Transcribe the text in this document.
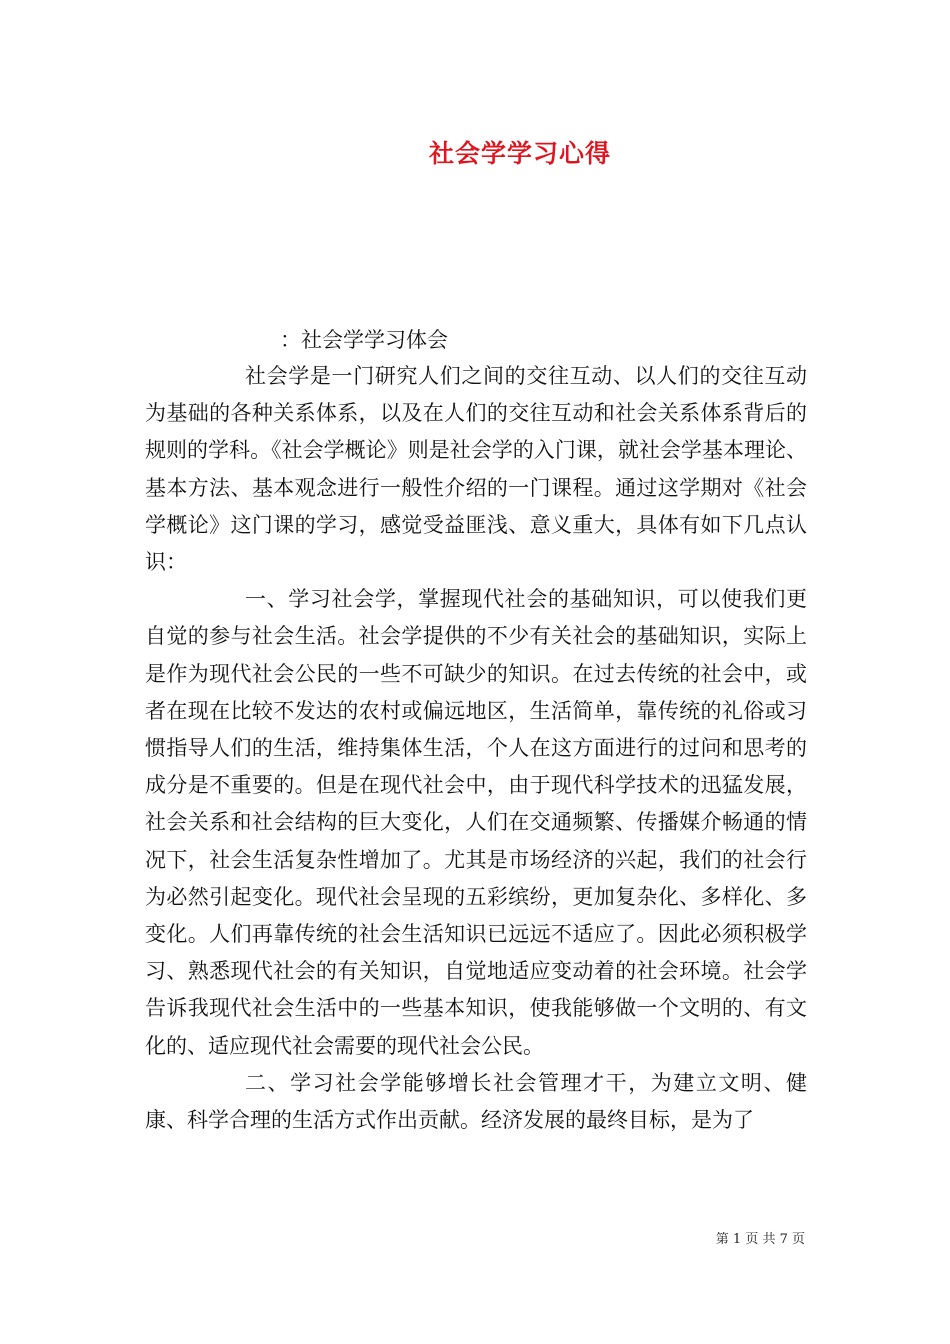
社会学学习心得
：社会学学习体会

社会学是一门研究人们之间的交往互动、以人们的交往互动为基础的各种关系体系，以及在人们的交往互动和社会关系体系背后的规则的学科。《社会学概论》则是社会学的入门课，就社会学基本理论、基本方法、基本观念进行一般性介绍的一门课程。通过这学期对《社会学概论》这门课的学习，感觉受益匪浅、意义重大，具体有如下几点认识：

一、学习社会学，掌握现代社会的基础知识，可以使我们更自觉的参与社会生活。社会学提供的不少有关社会的基础知识，实际上是作为现代社会公民的一些不可缺少的知识。在过去传统的社会中，或者在现在比较不发达的农村或偏远地区，生活简单，靠传统的礼俗或习惯指导人们的生活，维持集体生活，个人在这方面进行的过问和思考的成分是不重要的。但是在现代社会中，由于现代科学技术的迅猛发展，社会关系和社会结构的巨大变化，人们在交通频繁、传播媒介畅通的情况下，社会生活复杂性增加了。尤其是市场经济的兴起，我们的社会行为必然引起变化。现代社会呈现的五彩缤纷，更加复杂化、多样化、多变化。人们再靠传统的社会生活知识已远远不适应了。因此必须积极学习、熟悉现代社会的有关知识，自觉地适应变动着的社会环境。社会学告诉我现代社会生活中的一些基本知识，使我能够做一个文明的、有文化的、适应现代社会需要的现代社会公民。

二、学习社会学能够增长社会管理才干，为建立文明、健康、科学合理的生活方式作出贡献。经济发展的最终目标，是为了

第 1 页 共 7 页
